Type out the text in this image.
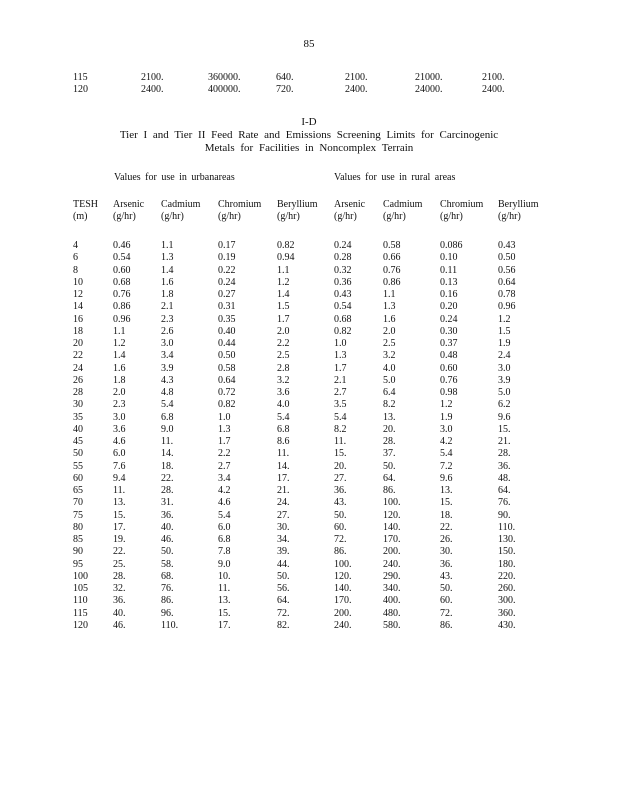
85
115	2100.	360000.	640.	2100.	21000.	2100.
120	2400.	400000.	720.	2400.	24000.	2400.
I-D
Tier I and Tier II Feed Rate and Emissions Screening Limits for Carcinogenic
Metals for Facilities in Noncomplex Terrain
Values for use in urbanareas	Values for use in rural areas
TESH Arsenic Cadmium Chromium Beryllium Arsenic Cadmium Chromium Beryllium
(m)	(g/hr)	(g/hr)	(g/hr)	(g/hr)	(g/hr)	(g/hr)	(g/hr)	(g/hr)
4	0.46	1.1	0.17	0.82	0.24	0.58	0.086	0.43
6	0.54	1.3	0.19	0.94	0.28	0.66	0.10	0.50
8	0.60	1.4	0.22	1.1	0.32	0.76	0.11	0.56
10	0.68	1.6	0.24	1.2	0.36	0.86	0.13	0.64
12	0.76	1.8	0.27	1.4	0.43	1.1	0.16	0.78
14	0.86	2.1	0.31	1.5	0.54	1.3	0.20	0.96
16	0.96	2.3	0.35	1.7	0.68	1.6	0.24	1.2
18	1.1	2.6	0.40	2.0	0.82	2.0	0.30	1.5
20	1.2	3.0	0.44	2.2	1.0	2.5	0.37	1.9
22	1.4	3.4	0.50	2.5	1.3	3.2	0.48	2.4
24	1.6	3.9	0.58	2.8	1.7	4.0	0.60	3.0
26	1.8	4.3	0.64	3.2	2.1	5.0	0.76	3.9
28	2.0	4.8	0.72	3.6	2.7	6.4	0.98	5.0
30	2.3	5.4	0.82	4.0	3.5	8.2	1.2	6.2
35	3.0	6.8	1.0	5.4	5.4	13.	1.9	9.6
40	3.6	9.0	1.3	6.8	8.2	20.	3.0	15.
45	4.6	11.	1.7	8.6	11.	28.	4.2	21.
50	6.0	14.	2.2	11.	15.	37.	5.4	28.
55	7.6	18.	2.7	14.	20.	50.	7.2	36.
60	9.4	22.	3.4	17.	27.	64.	9.6	48.
65	11.	28.	4.2	21.	36.	86.	13.	64.
70	13.	31.	4.6	24.	43.	100.	15.	76.
75	15.	36.	5.4	27.	50.	120.	18.	90.
80	17.	40.	6.0	30.	60.	140.	22.	110.
85	19.	46.	6.8	34.	72.	170.	26.	130.
90	22.	50.	7.8	39.	86.	200.	30.	150.
95	25.	58.	9.0	44.	100.	240.	36.	180.
100	28.	68.	10.	50.	120.	290.	43.	220.
105	32.	76.	11.	56.	140.	340.	50.	260.
110	36.	86.	13.	64.	170.	400.	60.	300.
115	40.	96.	15.	72.	200.	480.	72.	360.
120	46.	110.	17.	82.	240.	580.	86.	430.
